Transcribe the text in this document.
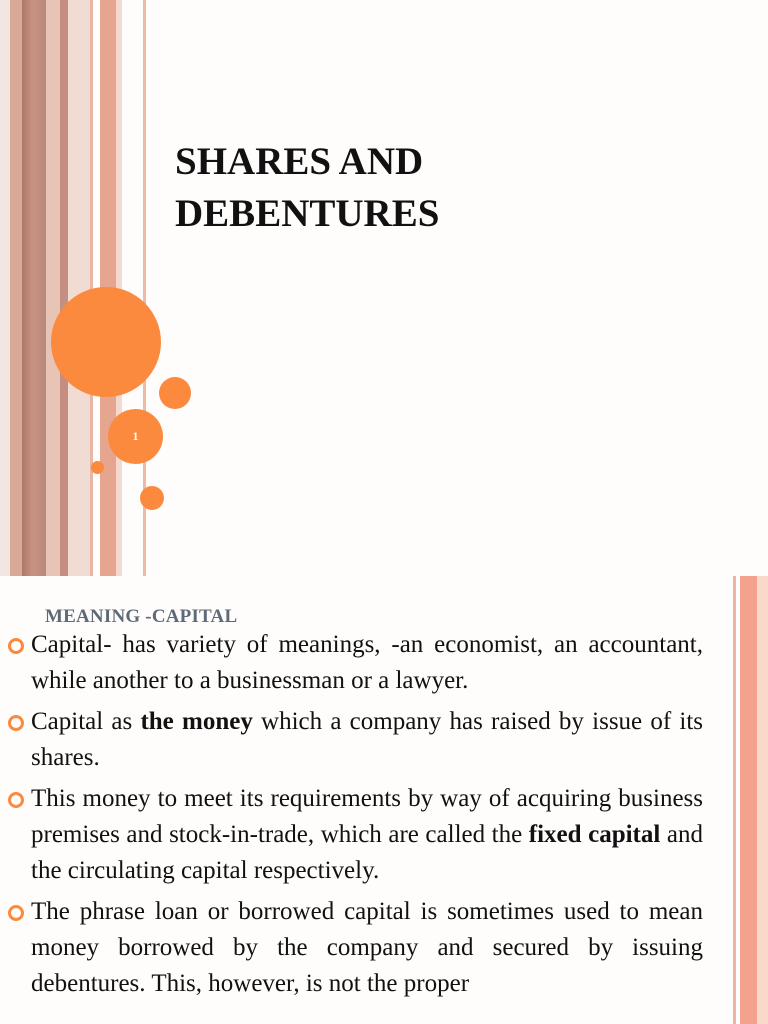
1
SHARES AND
DEBENTURES
MEANING -CAPITAL
Capital- has variety of meanings, -an economist, an accountant, while another to a businessman or a lawyer.
Capital as the money which a company has raised by issue of its shares.
This money to meet its requirements by way of acquiring business premises and stock-in-trade, which are called the fixed capital and the circulating capital respectively.
The phrase loan or borrowed capital is sometimes used to mean money borrowed by the company and secured by issuing debentures. This, however, is not the proper
